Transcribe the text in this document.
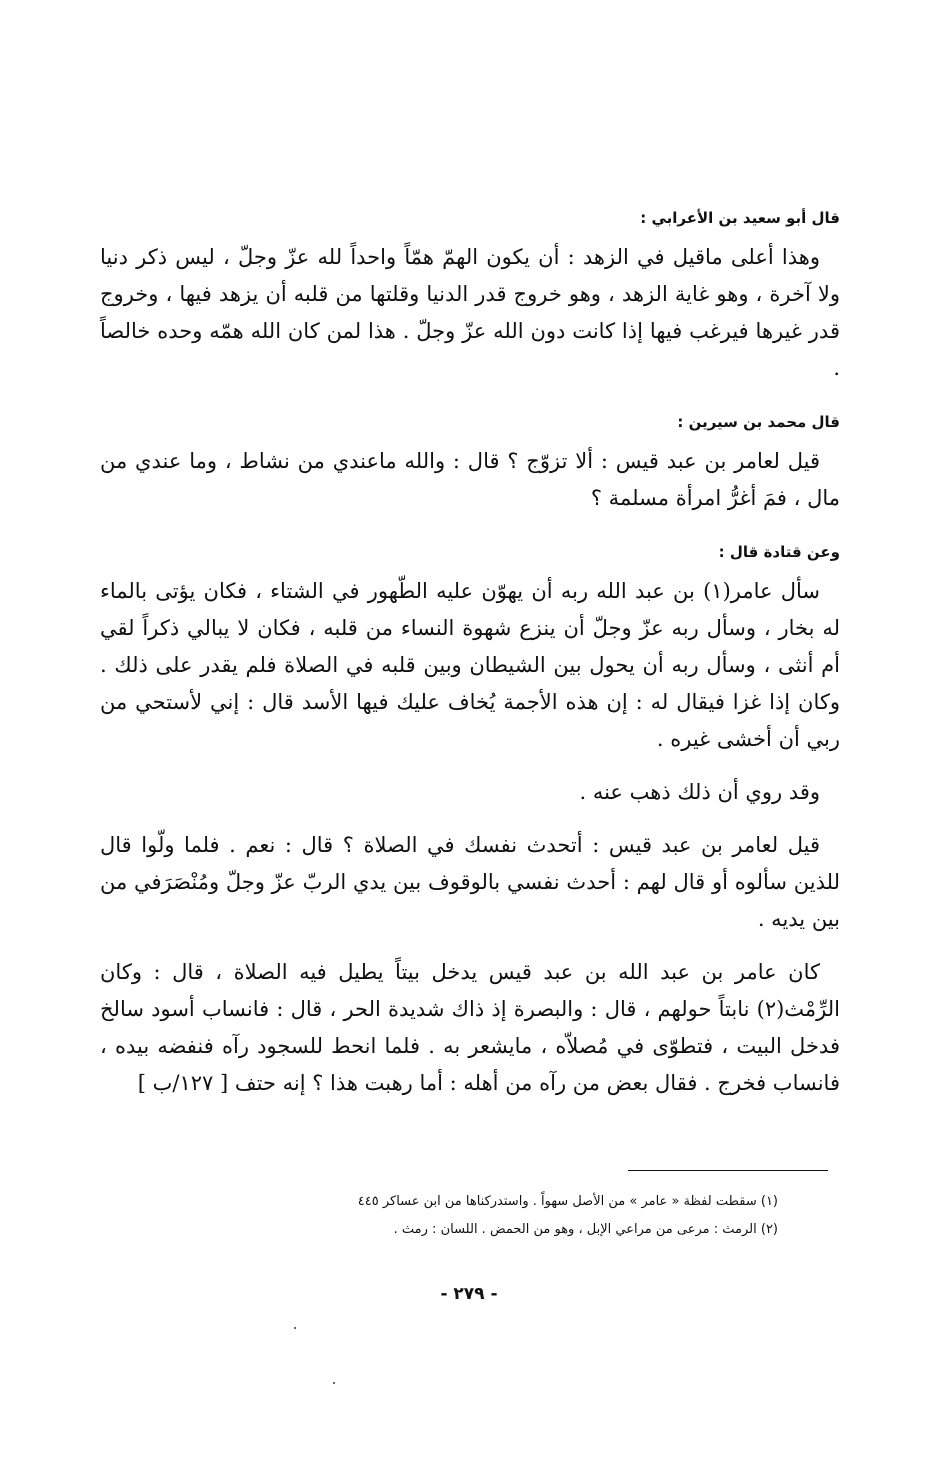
قال أبو سعيد بن الأعرابي :

وهذا أعلى ماقيل في الزهد : أن يكون الهمّ همّاً واحداً لله عزّ وجلّ ، ليس ذكر دنيا ولا آخرة ، وهو غاية الزهد ، وهو خروج قدر الدنيا وقلتها من قلبه أن يزهد فيها ، وخروج قدر غيرها فيرغب فيها إذا كانت دون الله عزّ وجلّ . هذا لمن كان الله همّه وحده خالصاً .

قال محمد بن سيرين :

قيل لعامر بن عبد قيس : ألا تزوّج ؟ قال : والله ماعندي من نشاط ، وما عندي من مال ، فمَ أغرُّ امرأة مسلمة ؟

وعن قتادة قال :

سأل عامر(١) بن عبد الله ربه أن يهوّن عليه الطّهور في الشتاء ، فكان يؤتى بالماء له بخار ، وسأل ربه عزّ وجلّ أن ينزع شهوة النساء من قلبه ، فكان لا يبالي ذكراً لقي أم أنثى ، وسأل ربه أن يحول بين الشيطان وبين قلبه في الصلاة فلم يقدر على ذلك . وكان إذا غزا فيقال له : إن هذه الأجمة يُخاف عليك فيها الأسد قال : إني لأستحي من ربي أن أخشى غيره .

وقد روي أن ذلك ذهب عنه .

قيل لعامر بن عبد قيس : أتحدث نفسك في الصلاة ؟ قال : نعم . فلما ولّوا قال للذين سألوه أو قال لهم : أحدث نفسي بالوقوف بين يدي الربّ عزّ وجلّ ومُنْصَرَفي من بين يديه .

كان عامر بن عبد الله بن عبد قيس يدخل بيتاً يطيل فيه الصلاة ، قال : وكان الرِّمْث(٢) نابتاً حولهم ، قال : والبصرة إذ ذاك شديدة الحر ، قال : فانساب أسود سالخ فدخل البيت ، فتطوّى في مُصلاّه ، مايشعر به . فلما انحط للسجود رآه فنفضه بيده ، فانساب فخرج . فقال بعض من رآه من أهله : أما رهبت هذا ؟ إنه حتف [ ١٢٧/ب ]

(١) سقطت لفظة « عامر » من الأصل سهواً . واستدركناها من ابن عساكر ٤٤٥
(٢) الرمث : مرعى من مراعي الإبل ، وهو من الحمض . اللسان : رمث .
- ٢٧٩ -
